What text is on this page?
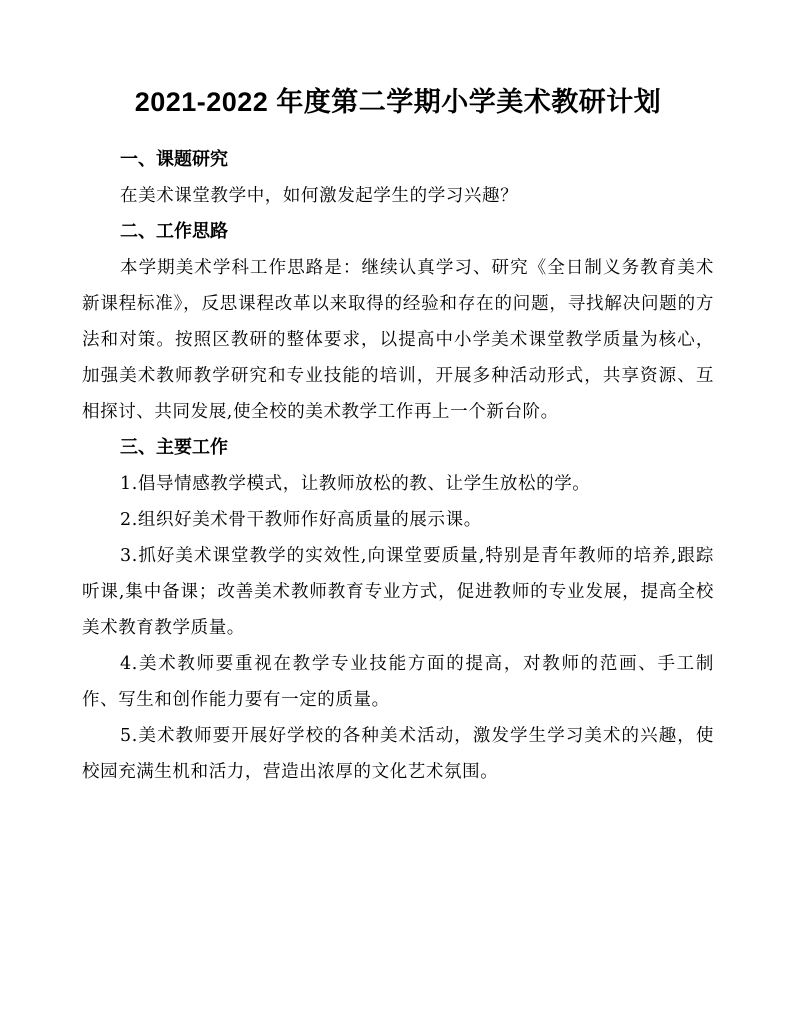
2021-2022 年度第二学期小学美术教研计划

一、课题研究

在美术课堂教学中，如何激发起学生的学习兴趣？

二、工作思路

本学期美术学科工作思路是：继续认真学习、研究《全日制义务教育美术新课程标准》，反思课程改革以来取得的经验和存在的问题，寻找解决问题的方法和对策。按照区教研的整体要求，以提高中小学美术课堂教学质量为核心，加强美术教师教学研究和专业技能的培训，开展多种活动形式，共享资源、互相探讨、共同发展,使全校的美术教学工作再上一个新台阶。

三、主要工作

1.倡导情感教学模式，让教师放松的教、让学生放松的学。

2.组织好美术骨干教师作好高质量的展示课。

3.抓好美术课堂教学的实效性,向课堂要质量,特别是青年教师的培养,跟踪听课,集中备课；改善美术教师教育专业方式，促进教师的专业发展，提高全校美术教育教学质量。

4.美术教师要重视在教学专业技能方面的提高，对教师的范画、手工制作、写生和创作能力要有一定的质量。

5.美术教师要开展好学校的各种美术活动，激发学生学习美术的兴趣，使校园充满生机和活力，营造出浓厚的文化艺术氛围。
